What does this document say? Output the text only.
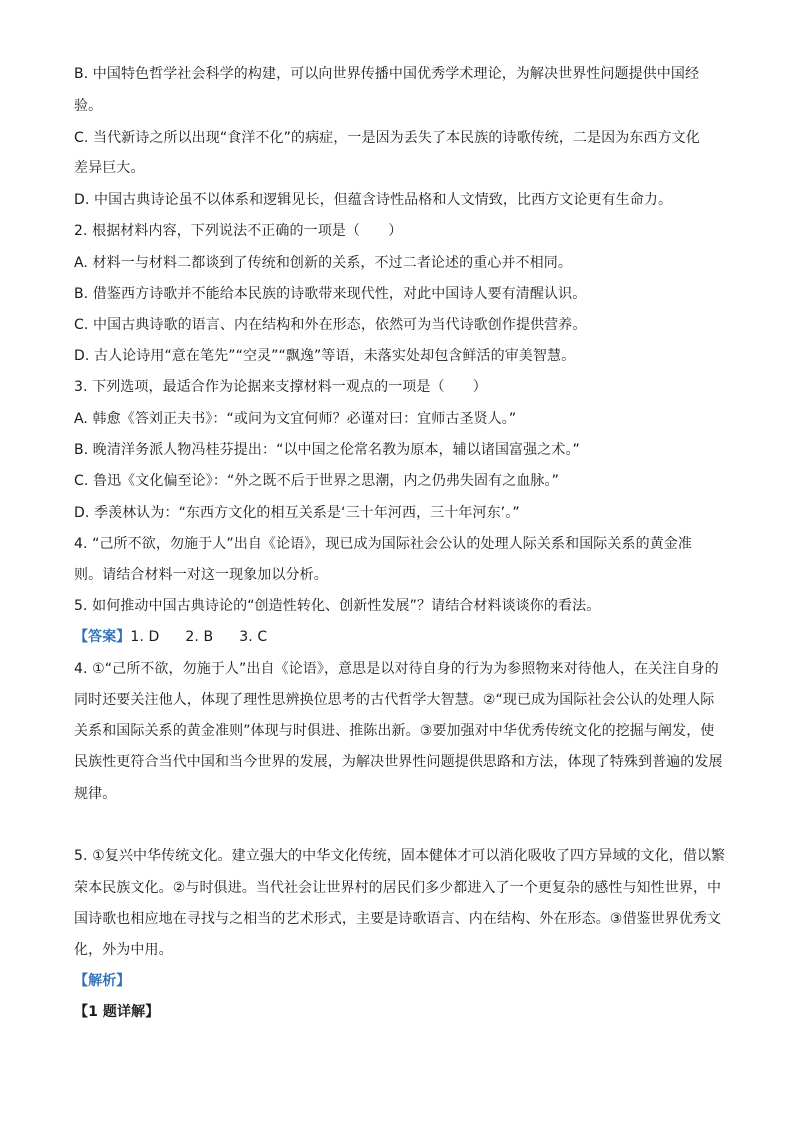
B. 中国特色哲学社会科学的构建，可以向世界传播中国优秀学术理论，为解决世界性问题提供中国经
验。
C. 当代新诗之所以出现“食洋不化”的病症，一是因为丢失了本民族的诗歌传统，二是因为东西方文化
差异巨大。
D. 中国古典诗论虽不以体系和逻辑见长，但蕴含诗性品格和人文情致，比西方文论更有生命力。
2. 根据材料内容，下列说法不正确的一项是（　　）
A. 材料一与材料二都谈到了传统和创新的关系，不过二者论述的重心并不相同。
B. 借鉴西方诗歌并不能给本民族的诗歌带来现代性，对此中国诗人要有清醒认识。
C. 中国古典诗歌的语言、内在结构和外在形态，依然可为当代诗歌创作提供营养。
D. 古人论诗用“意在笔先”“空灵”“飘逸”等语，未落实处却包含鲜活的审美智慧。
3. 下列选项，最适合作为论据来支撑材料一观点的一项是（　　）
A. 韩愈《答刘正夫书》：“或问为文宜何师？必谨对曰：宜师古圣贤人。”
B. 晚清洋务派人物冯桂芬提出：“以中国之伦常名教为原本，辅以诸国富强之术。”
C. 鲁迅《文化偏至论》：“外之既不后于世界之思潮，内之仍弗失固有之血脉。”
D. 季羡林认为：“东西方文化的相互关系是‘三十年河西，三十年河东’。”
4. “己所不欲，勿施于人”出自《论语》，现已成为国际社会公认的处理人际关系和国际关系的黄金准
则。请结合材料一对这一现象加以分析。
5. 如何推动中国古典诗论的“创造性转化、创新性发展”？请结合材料谈谈你的看法。
【答案】1. D 2. B 3. C
4. ①“己所不欲，勿施于人”出自《论语》，意思是以对待自身的行为为参照物来对待他人，在关注自身的
同时还要关注他人，体现了理性思辨换位思考的古代哲学大智慧。②“现已成为国际社会公认的处理人际
关系和国际关系的黄金准则”体现与时俱进、推陈出新。③要加强对中华优秀传统文化的挖掘与阐发，使
民族性更符合当代中国和当今世界的发展，为解决世界性问题提供思路和方法，体现了特殊到普遍的发展
规律。
5. ①复兴中华传统文化。建立强大的中华文化传统，固本健体才可以消化吸收了四方异域的文化，借以繁
荣本民族文化。②与时俱进。当代社会让世界村的居民们多少都进入了一个更复杂的感性与知性世界，中
国诗歌也相应地在寻找与之相当的艺术形式，主要是诗歌语言、内在结构、外在形态。③借鉴世界优秀文
化，外为中用。
【解析】
【1 题详解】
